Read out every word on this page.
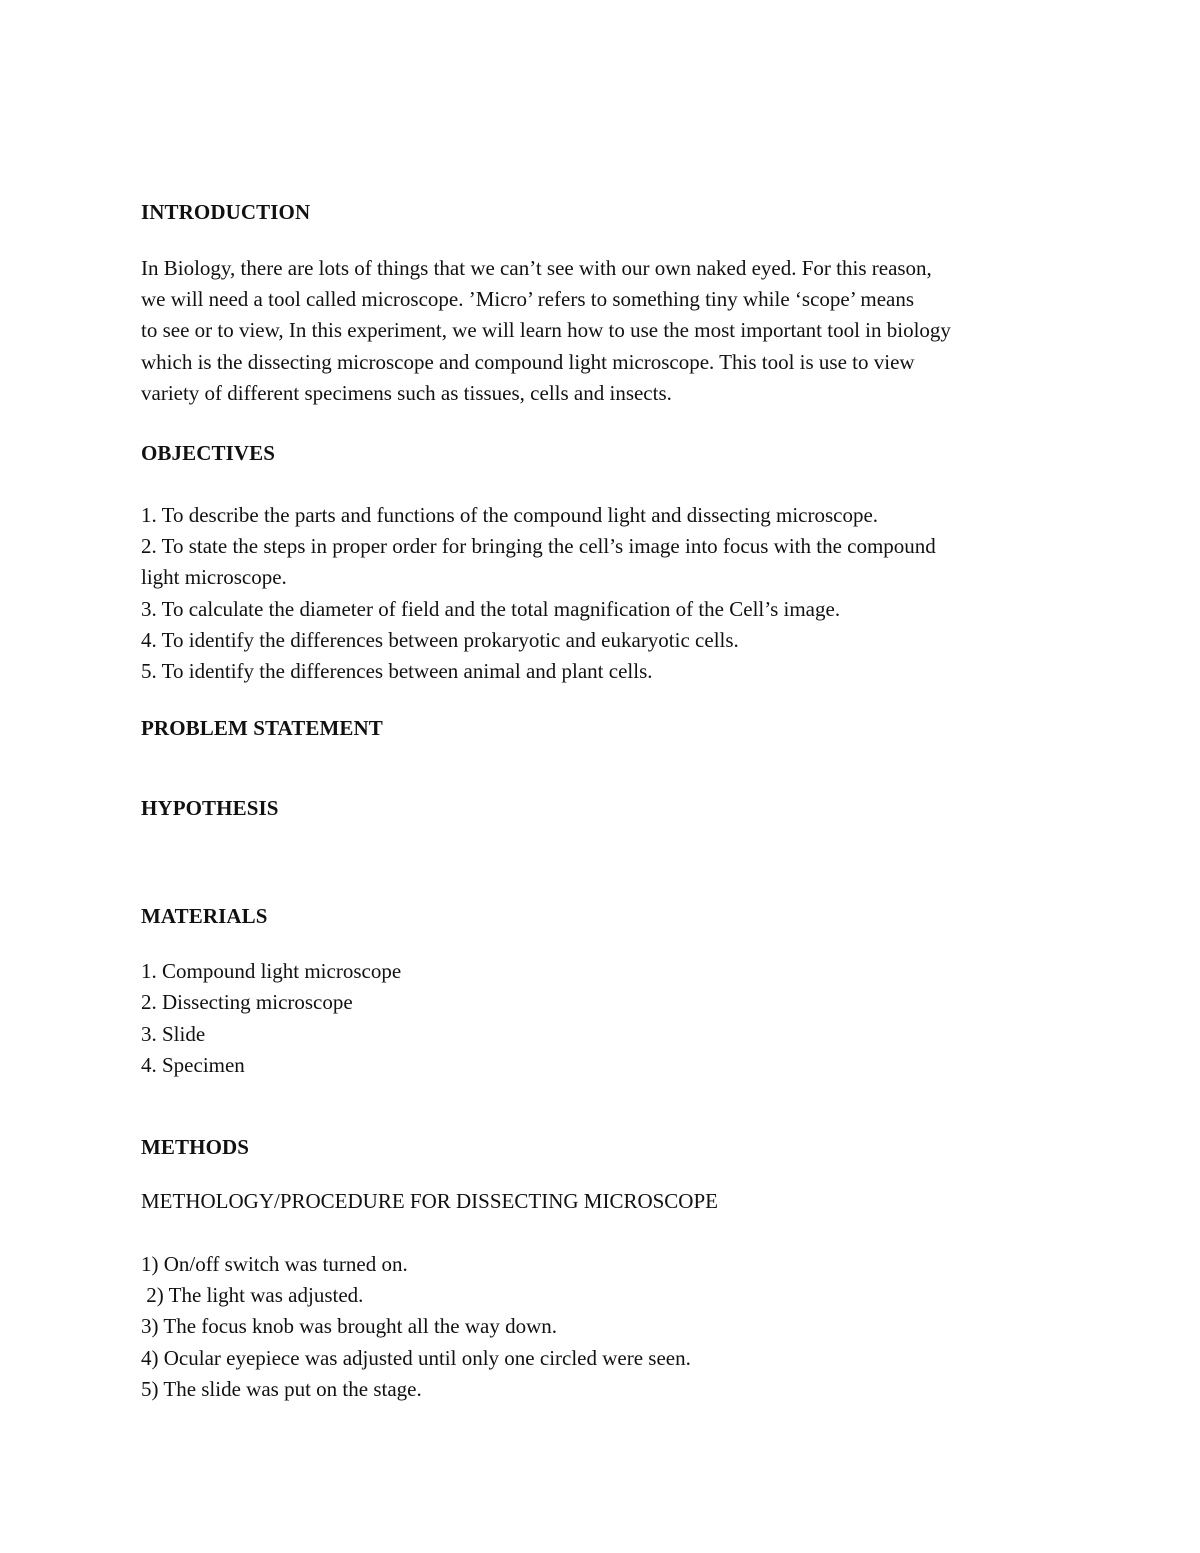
INTRODUCTION

In Biology, there are lots of things that we can’t see with our own naked eyed. For this reason,
we will need a tool called microscope. ’Micro’ refers to something tiny while ‘scope’ means
to see or to view, In this experiment, we will learn how to use the most important tool in biology
which is the dissecting microscope and compound light microscope. This tool is use to view
variety of different specimens such as tissues, cells and insects.

OBJECTIVES
1. To describe the parts and functions of the compound light and dissecting microscope.
2. To state the steps in proper order for bringing the cell’s image into focus with the compound
light microscope.
3. To calculate the diameter of field and the total magnification of the Cell’s image.
4. To identify the differences between prokaryotic and eukaryotic cells.
5. To identify the differences between animal and plant cells.
PROBLEM STATEMENT
HYPOTHESIS
MATERIALS
1. Compound light microscope
2. Dissecting microscope
3. Slide
4. Specimen
METHODS

METHOLOGY/PROCEDURE FOR DISSECTING MICROSCOPE

1) On/off switch was turned on.
2) The light was adjusted.
3) The focus knob was brought all the way down.
4) Ocular eyepiece was adjusted until only one circled were seen.
5) The slide was put on the stage.
